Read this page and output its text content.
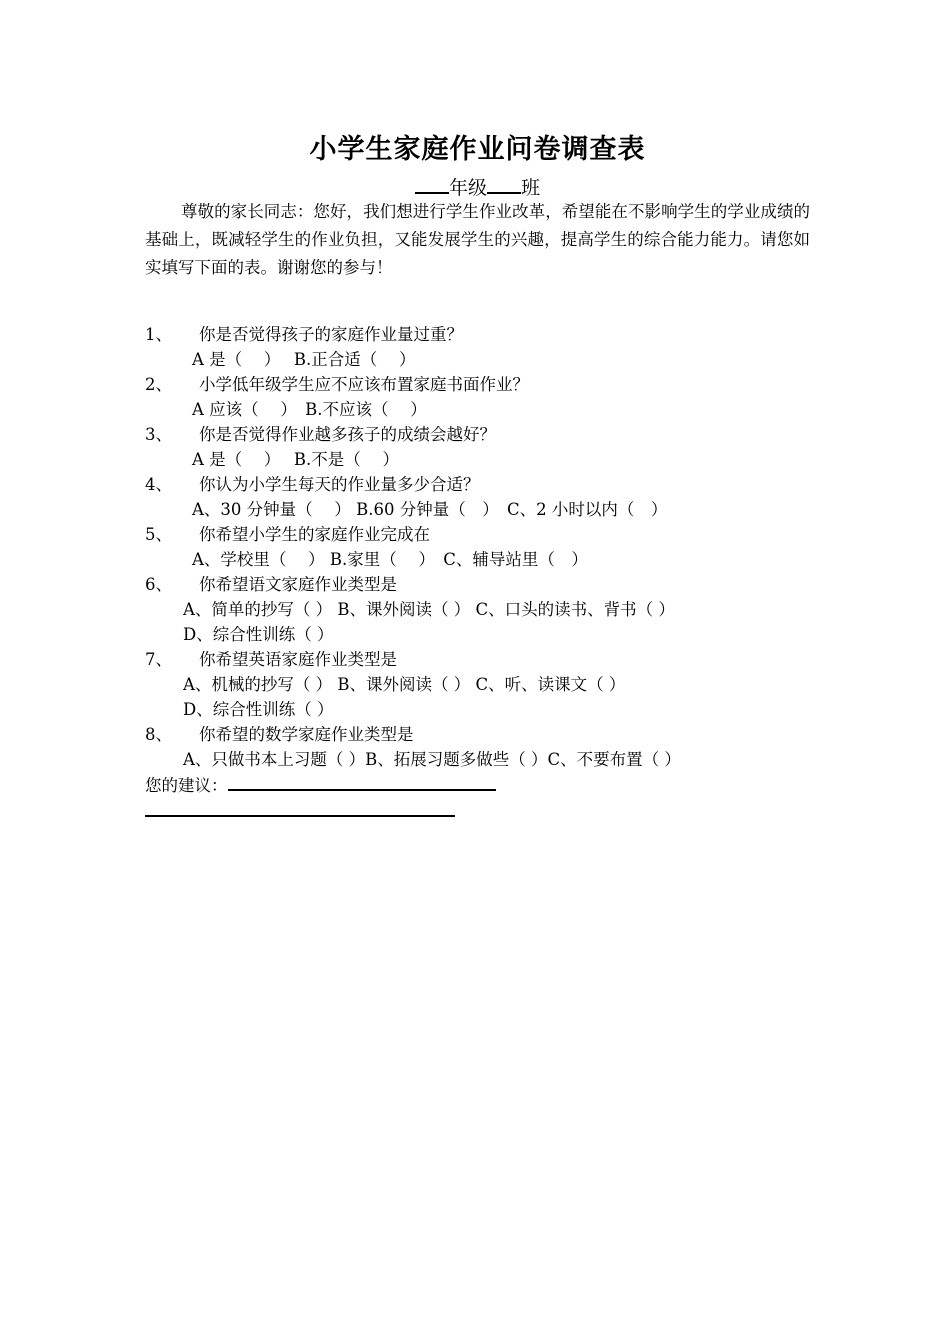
小学生家庭作业问卷调查表
年级 班
尊敬的家长同志：您好，我们想进行学生作业改革，希望能在不影响学生的学业成绩的基础上，既减轻学生的作业负担，又能发展学生的兴趣，提高学生的综合能力能力。请您如实填写下面的表。谢谢您的参与！
1、 你是否觉得孩子的家庭作业量过重？
A 是（　 ）　 B.正合适（　 ）
2、 小学低年级学生应不应该布置家庭书面作业？
A 应该（　 ）　B.不应该（　 ）
3、 你是否觉得作业越多孩子的成绩会越好？
A 是（　 ）　 B.不是（　 ）
4、 你认为小学生每天的作业量多少合适？
A、30 分钟量（　 ） B.60 分钟量（　）　C、2 小时以内（　）
5、 你希望小学生的家庭作业完成在
A、学校里（　 ） B.家里（　 ）　C、辅导站里（　）
6、 你希望语文家庭作业类型是
A、简单的抄写（ ） B、课外阅读（ ） C、口头的读书、背书（ ）
D、综合性训练（ ）
7、 你希望英语家庭作业类型是
A、机械的抄写（ ） B、课外阅读（ ） C、听、读课文（ ）
D、综合性训练（ ）
8、 你希望的数学家庭作业类型是
A、只做书本上习题（ ）B、拓展习题多做些（ ）C、不要布置（ ）
您的建议：
